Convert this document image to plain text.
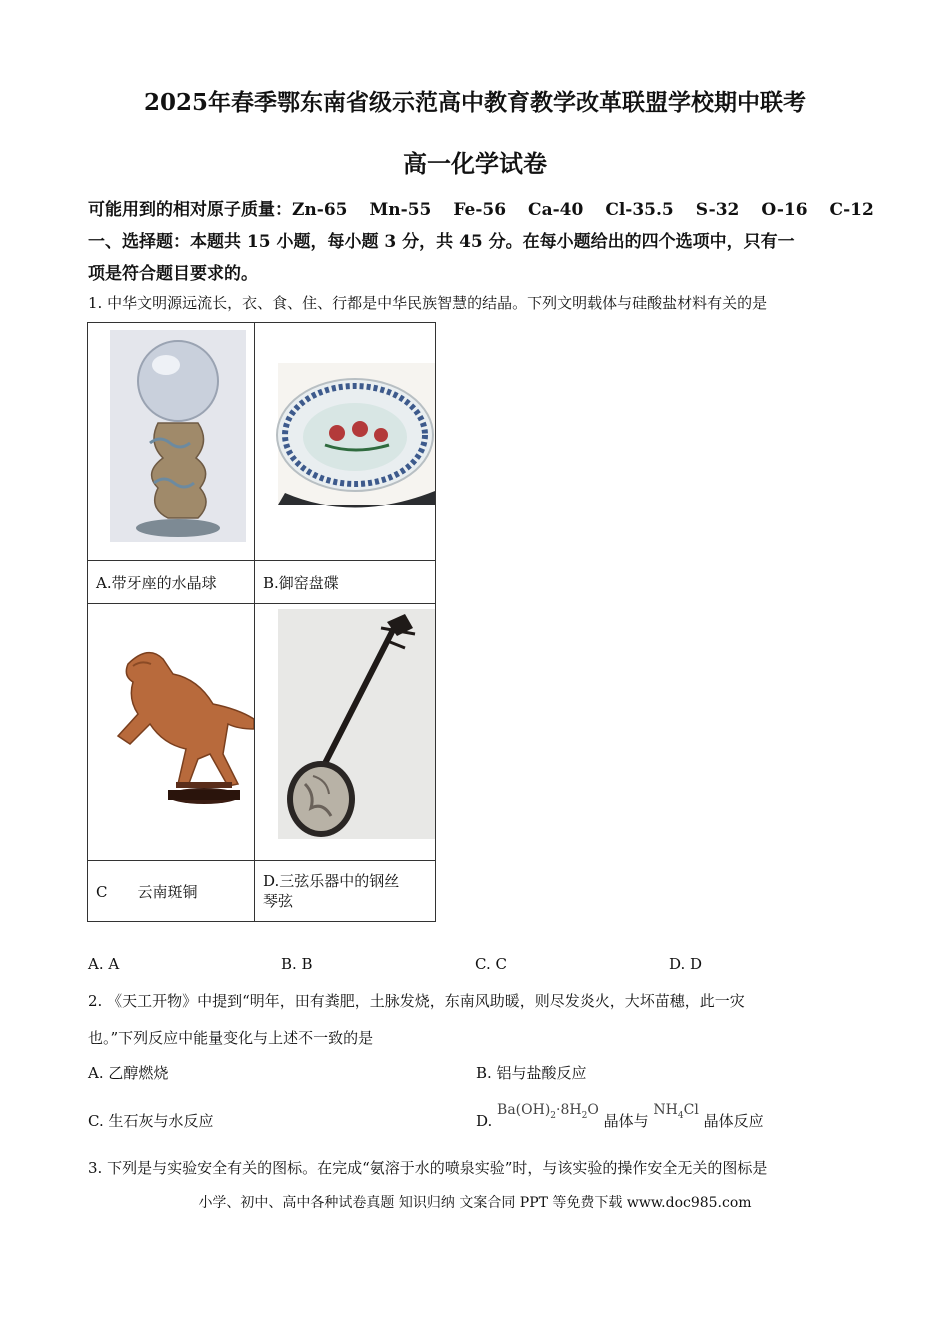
2025年春季鄂东南省级示范高中教育教学改革联盟学校期中联考
高一化学试卷
可能用到的相对原子质量：Zn-65 Mn-55 Fe-56 Ca-40 Cl-35.5 S-32 O-16 C-12
一、选择题：本题共 15 小题，每小题 3 分，共 45 分。在每小题给出的四个选项中，只有一
项是符合题目要求的。
1. 中华文明源远流长，衣、食、住、行都是中华民族智慧的结晶。下列文明载体与硅酸盐材料有关的是

A.带牙座的水晶球	B.御窑盘碟

C 云南斑铜	D.三弦乐器中的钢丝琴弦
A. A	B. B	C. C	D. D
2. 《天工开物》中提到“明年，田有粪肥，土脉发烧，东南风助暖，则尽发炎火，大坏苗穗，此一灾
也。”下列反应中能量变化与上述不一致的是
A. 乙醇燃烧	B. 铝与盐酸反应
C. 生石灰与水反应	D. $Ba(OH)_2\cdot 8H_2O$ 晶体与 $NH_4Cl$ 晶体反应
3. 下列是与实验安全有关的图标。在完成“氨溶于水的喷泉实验”时，与该实验的操作安全无关的图标是
小学、初中、高中各种试卷真题 知识归纳 文案合同 PPT 等免费下载 www.doc985.com
